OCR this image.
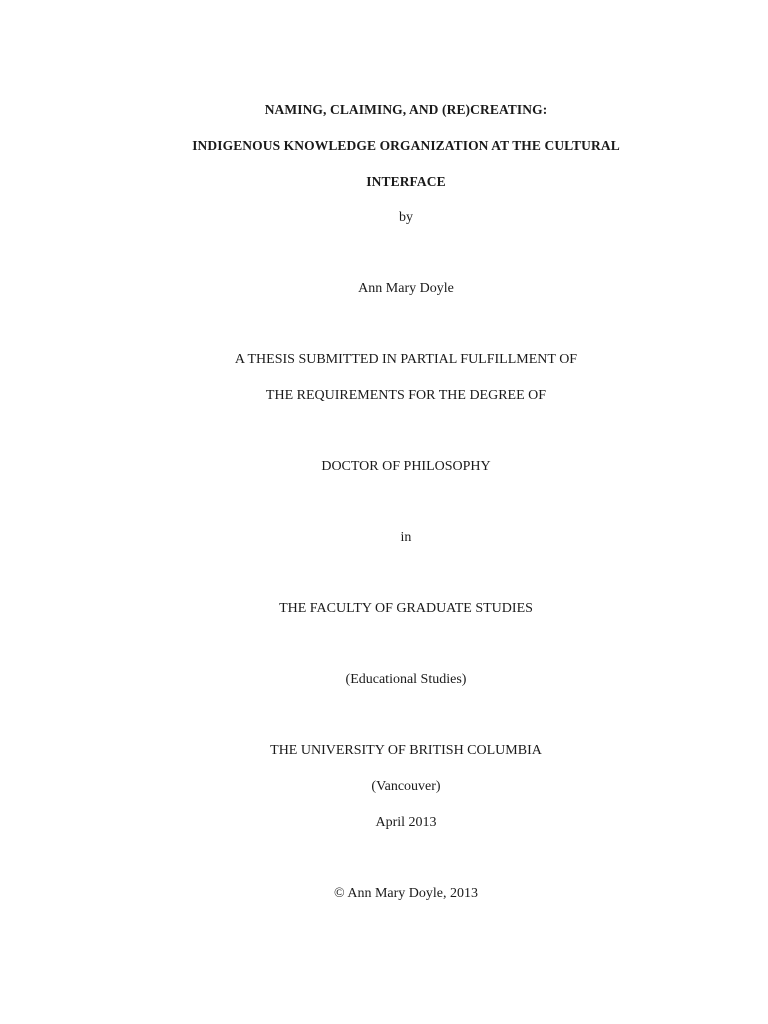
NAMING, CLAIMING, AND (RE)CREATING:
INDIGENOUS KNOWLEDGE ORGANIZATION AT THE CULTURAL
INTERFACE
by
Ann Mary Doyle
A THESIS SUBMITTED IN PARTIAL FULFILLMENT OF
THE REQUIREMENTS FOR THE DEGREE OF
DOCTOR OF PHILOSOPHY
in
THE FACULTY OF GRADUATE STUDIES
(Educational Studies)
THE UNIVERSITY OF BRITISH COLUMBIA
(Vancouver)
April 2013
© Ann Mary Doyle, 2013
